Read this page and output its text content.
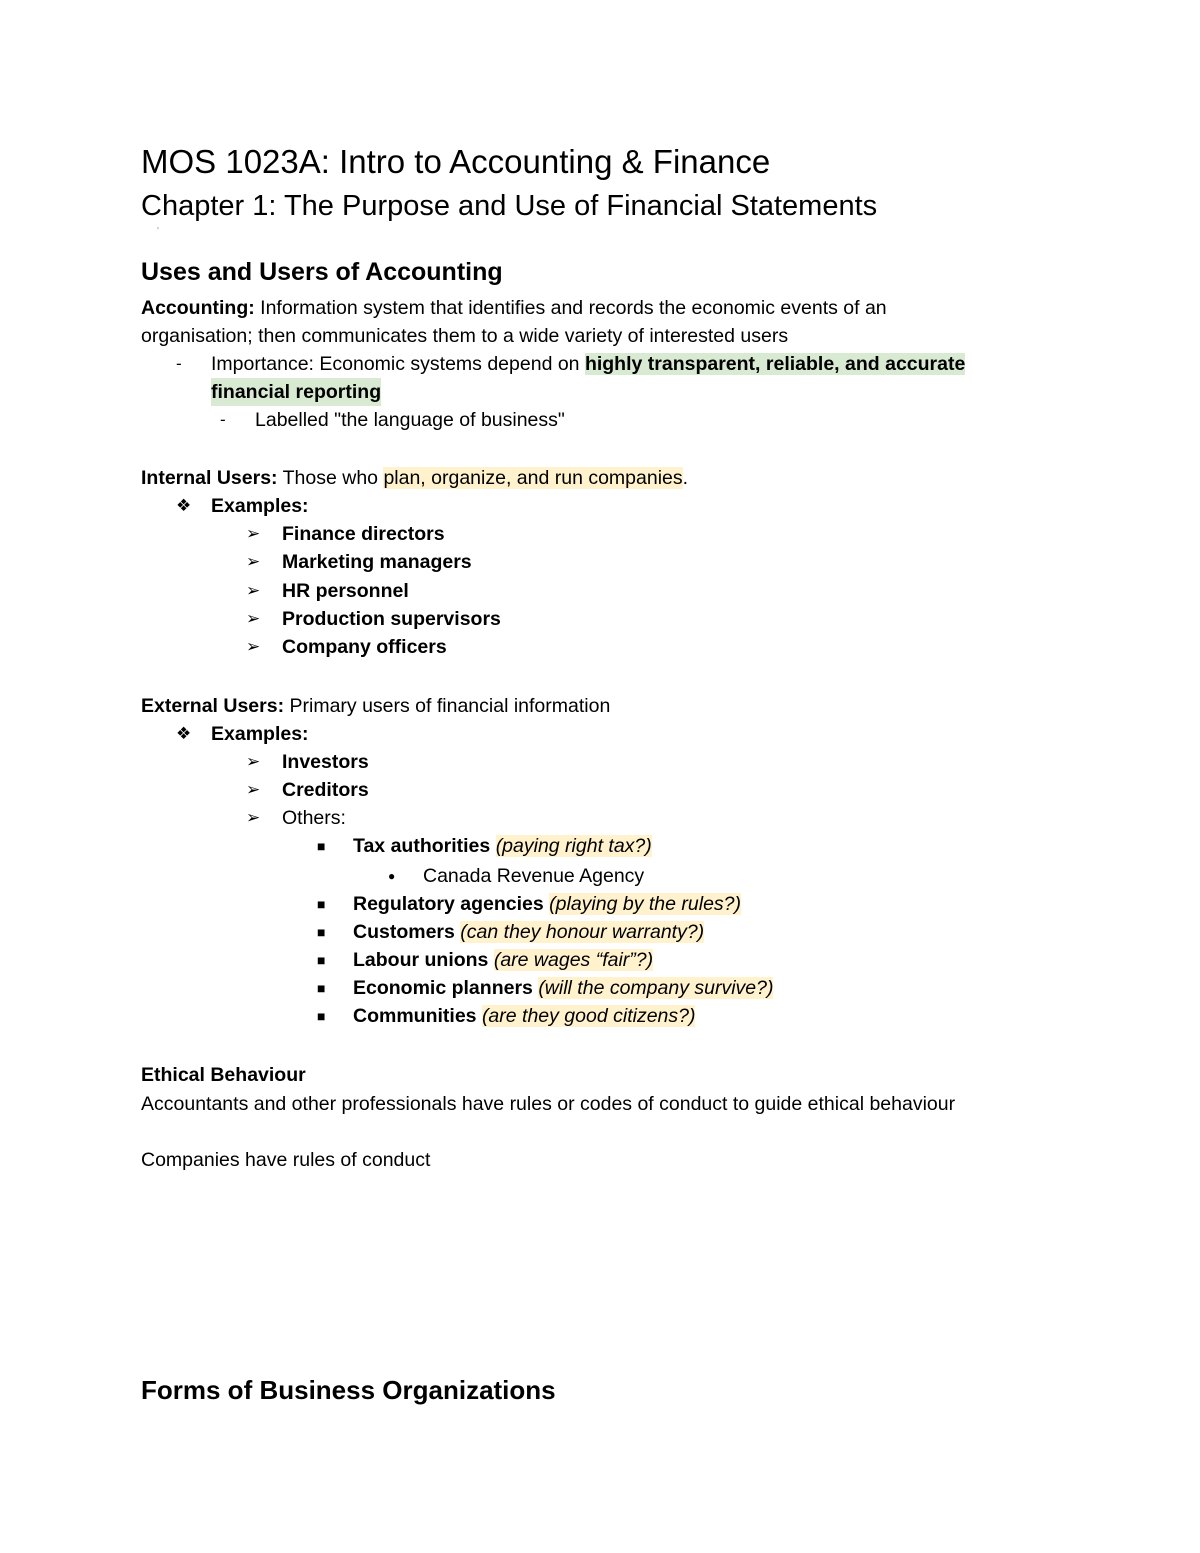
MOS 1023A: Intro to Accounting & Finance
Chapter 1: The Purpose and Use of Financial Statements
'
Uses and Users of Accounting
Accounting: Information system that identifies and records the economic events of an
organisation; then communicates them to a wide variety of interested users
- Importance: Economic systems depend on highly transparent, reliable, and accurate
financial reporting
- Labelled "the language of business"
Internal Users: Those who plan, organize, and run companies.
❖ Examples:
➢ Finance directors
➢ Marketing managers
➢ HR personnel
➢ Production supervisors
➢ Company officers
External Users: Primary users of financial information
❖ Examples:
➢ Investors
➢ Creditors
➢ Others:
■ Tax authorities (paying right tax?)
● Canada Revenue Agency
■ Regulatory agencies (playing by the rules?)
■ Customers (can they honour warranty?)
■ Labour unions (are wages “fair”?)
■ Economic planners (will the company survive?)
■ Communities (are they good citizens?)
Ethical Behaviour
Accountants and other professionals have rules or codes of conduct to guide ethical behaviour
Companies have rules of conduct
Forms of Business Organizations
